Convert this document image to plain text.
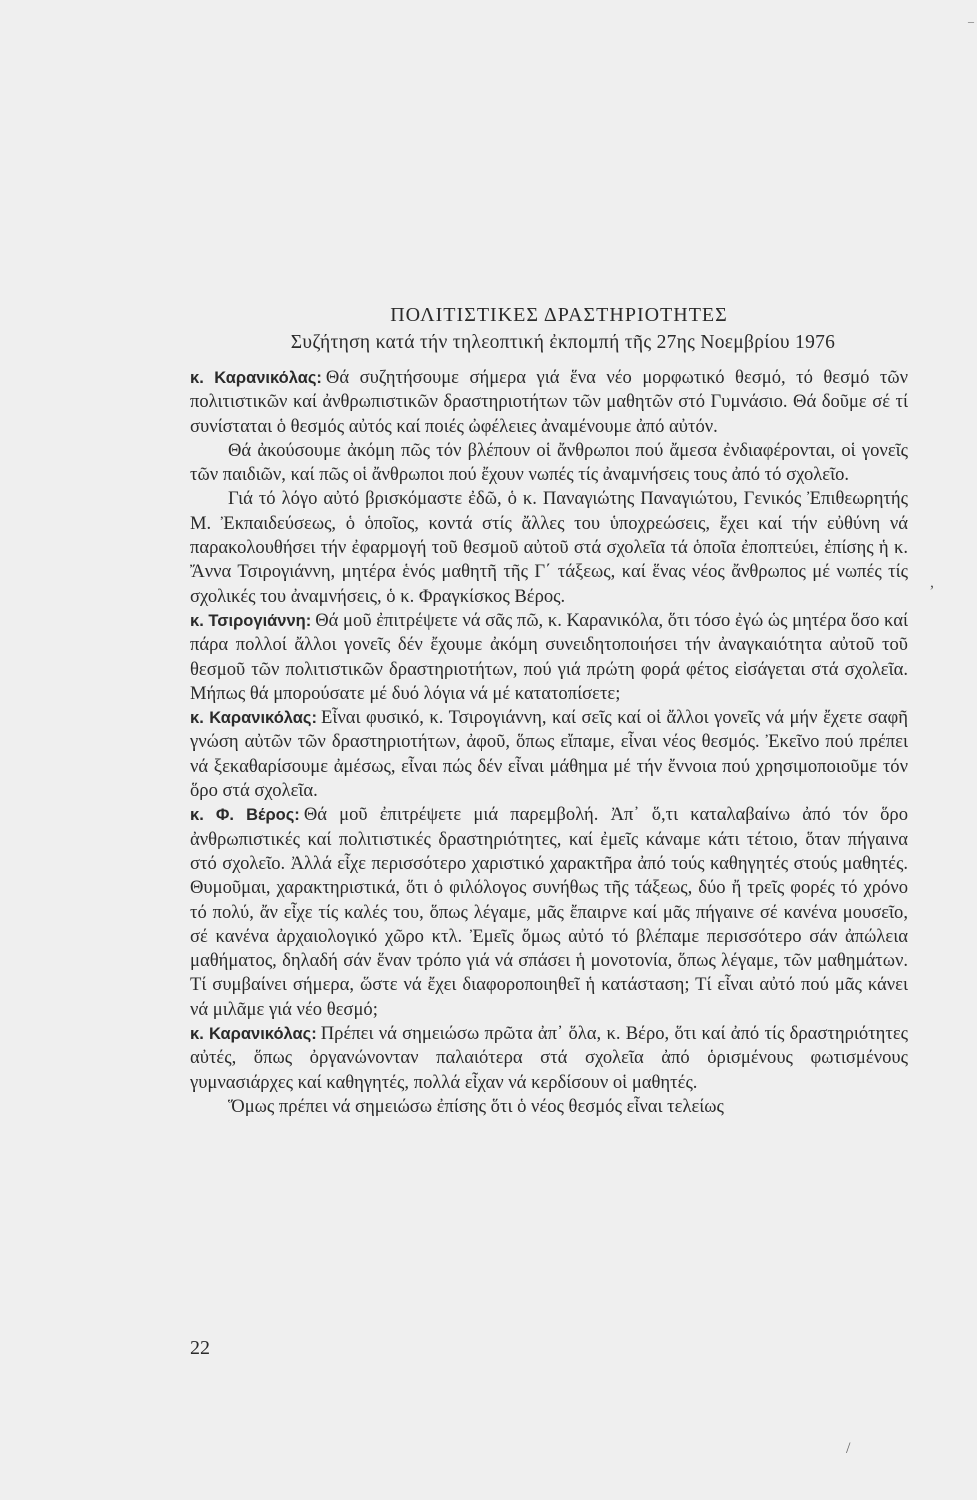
–
ΠΟΛΙΤΙΣΤΙΚΕΣ ΔΡΑΣΤΗΡΙΟΤΗΤΕΣ
Συζήτηση κατά τήν τηλεοπτική ἐκπομπή τῆς 27ης Νοεμβρίου 1976

κ. Καρανικόλας: Θά συζητήσουμε σήμερα γιά ἕνα νέο μορφωτικό θεσμό, τό θεσμό τῶν πολιτιστικῶν καί ἀνθρωπιστικῶν δραστηριοτήτων τῶν μαθητῶν στό Γυμνάσιο. Θά δοῦμε σέ τί συνίσταται ὁ θεσμός αὐτός καί ποιές ὠφέλειες ἀναμένουμε ἀπό αὐτόν.

Θά ἀκούσουμε ἀκόμη πῶς τόν βλέπουν οἱ ἄνθρωποι πού ἄμεσα ἐνδιαφέρονται, οἱ γονεῖς τῶν παιδιῶν, καί πῶς οἱ ἄνθρωποι πού ἔχουν νωπές τίς ἀναμνήσεις τους ἀπό τό σχολεῖο.

Γιά τό λόγο αὐτό βρισκόμαστε ἐδῶ, ὁ κ. Παναγιώτης Παναγιώτου, Γενικός Ἐπιθεωρητής Μ. Ἐκπαιδεύσεως, ὁ ὁποῖος, κοντά στίς ἄλλες του ὑποχρεώσεις, ἔχει καί τήν εὐθύνη νά παρακολουθήσει τήν ἐφαρμογή τοῦ θεσμοῦ αὐτοῦ στά σχολεῖα τά ὁποῖα ἐποπτεύει, ἐπίσης ἡ κ. Ἄννα Τσιρογιάννη, μητέρα ἑνός μαθητῆ τῆς Γ΄ τάξεως, καί ἕνας νέος ἄνθρωπος μέ νωπές τίς σχολικές του ἀναμνήσεις, ὁ κ. Φραγκίσκος Βέρος.

κ. Τσιρογιάννη: Θά μοῦ ἐπιτρέψετε νά σᾶς πῶ, κ. Καρανικόλα, ὅτι τόσο ἐγώ ὡς μητέρα ὅσο καί πάρα πολλοί ἄλλοι γονεῖς δέν ἔχουμε ἀκόμη συνειδητοποιήσει τήν ἀναγκαιότητα αὐτοῦ τοῦ θεσμοῦ τῶν πολιτιστικῶν δραστηριοτήτων, πού γιά πρώτη φορά φέτος εἰσάγεται στά σχολεῖα. Μήπως θά μπορούσατε μέ δυό λόγια νά μέ κατατοπίσετε;

κ. Καρανικόλας: Εἶναι φυσικό, κ. Τσιρογιάννη, καί σεῖς καί οἱ ἄλλοι γονεῖς νά μήν ἔχετε σαφῆ γνώση αὐτῶν τῶν δραστηριοτήτων, ἀφοῦ, ὅπως εἴπαμε, εἶναι νέος θεσμός. Ἐκεῖνο πού πρέπει νά ξεκαθαρίσουμε ἀμέσως, εἶναι πώς δέν εἶναι μάθημα μέ τήν ἔννοια πού χρησιμοποιοῦμε τόν ὅρο στά σχολεῖα.

κ. Φ. Βέρος: Θά μοῦ ἐπιτρέψετε μιά παρεμβολή. Ἀπ᾿ ὅ,τι καταλαβαίνω ἀπό τόν ὅρο ἀνθρωπιστικές καί πολιτιστικές δραστηριότητες, καί ἐμεῖς κάναμε κάτι τέτοιο, ὅταν πήγαινα στό σχολεῖο. Ἀλλά εἶχε περισσότερο χαριστικό χαρακτῆρα ἀπό τούς καθηγητές στούς μαθητές. Θυμοῦμαι, χαρακτηριστικά, ὅτι ὁ φιλόλογος συνήθως τῆς τάξεως, δύο ἤ τρεῖς φορές τό χρόνο τό πολύ, ἄν εἶχε τίς καλές του, ὅπως λέγαμε, μᾶς ἔπαιρνε καί μᾶς πήγαινε σέ κανένα μουσεῖο, σέ κανένα ἀρχαιολογικό χῶρο κτλ. Ἐμεῖς ὅμως αὐτό τό βλέπαμε περισσότερο σάν ἀπώλεια μαθήματος, δηλαδή σάν ἕναν τρόπο γιά νά σπάσει ἡ μονοτονία, ὅπως λέγαμε, τῶν μαθημάτων. Τί συμβαίνει σήμερα, ὥστε νά ἔχει διαφοροποιηθεῖ ἡ κατάσταση; Τί εἶναι αὐτό πού μᾶς κάνει νά μιλᾶμε γιά νέο θεσμό;

κ. Καρανικόλας: Πρέπει νά σημειώσω πρῶτα ἀπ᾿ ὅλα, κ. Βέρο, ὅτι καί ἀπό τίς δραστηριότητες αὐτές, ὅπως ὀργανώνονταν παλαιότερα στά σχολεῖα ἀπό ὁρισμένους φωτισμένους γυμνασιάρχες καί καθηγητές, πολλά εἶχαν νά κερδίσουν οἱ μαθητές.

Ὅμως πρέπει νά σημειώσω ἐπίσης ὅτι ὁ νέος θεσμός εἶναι τελείως

,
22
/
